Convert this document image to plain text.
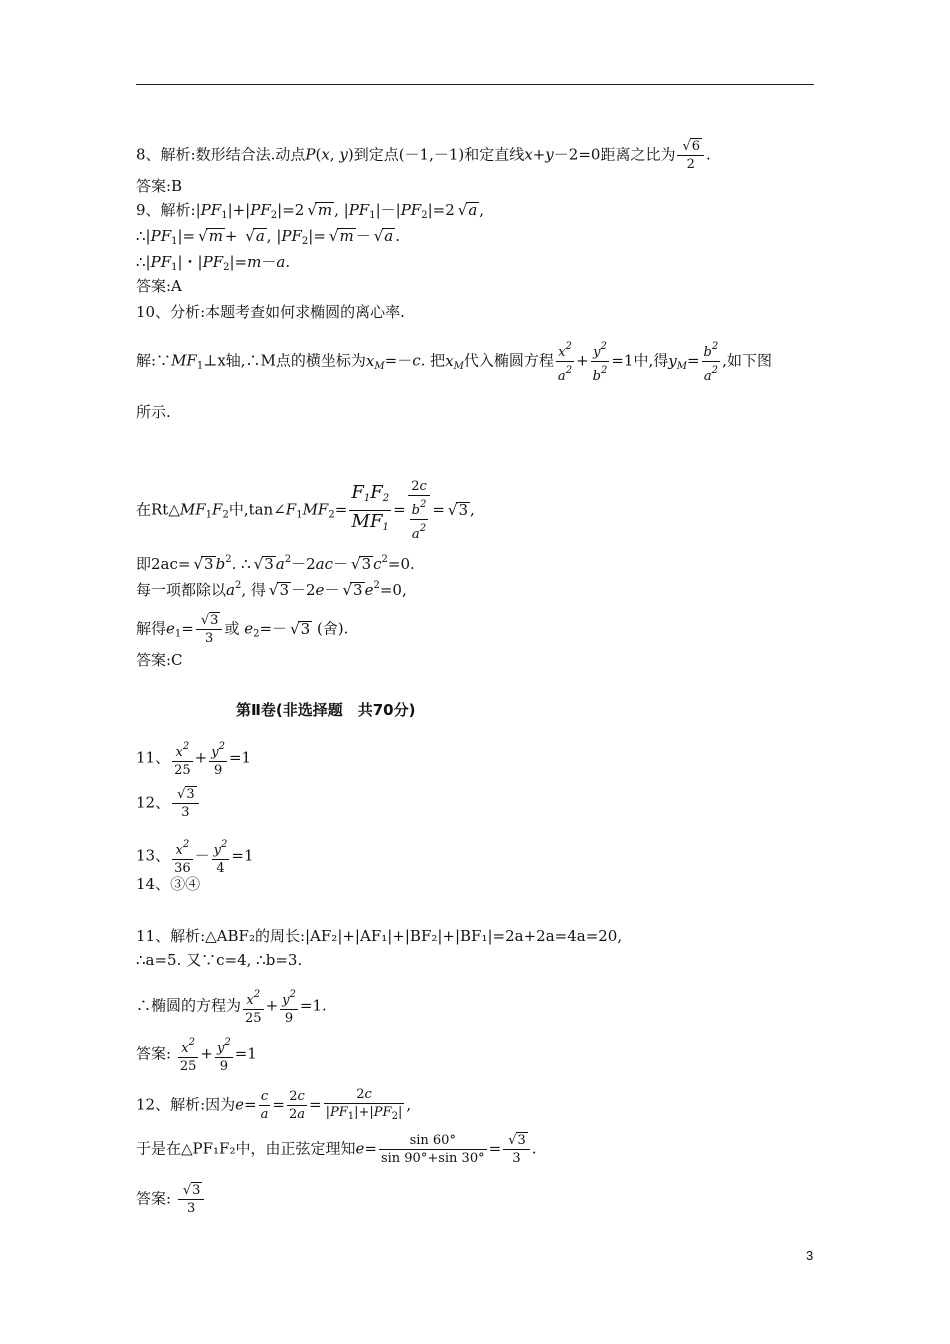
8、解析:数形结合法.动点P(x, y)到定点(－1,－1)和定直线x+y－2=0距离之比为
√ $\frac{6}{2}$ .
答案:B
9、解析$:|PF_1|+|PF_2|=2√$ m , $|PF_1|-|PF_2|=2√$ a ,
$\therefore|PF_1|=√$ m + √ a , $|PF_2|=√$ m －√ a .
$\therefore|PF_1|$・$|PF_2|=m-a$.
答案:A
10、分析:本题考查如何求椭圆的离心率.
解$:\because MF_1\perp x$轴,∴M点的横坐标为$x_M=-c$. 把$x_M$代入椭圆方程 $\frac{x^2}{a^2} + \frac{y^2}{b^2} =1$中,得$y_M= \frac{b^2}{a^2}$ ,如下图
所示.
在$Rt\triangle MF_1F_2$中$,\tan\angle F_1MF_2= \frac{F_1F_2}{MF_1} = \frac{2c}{\frac{b^2}{a^2}}$ =√ 3 ,
即2ac=√ 3 $b^2$. ∴√ 3 $a^2-2ac-√$ 3 $c^2=0$.
每一项都除以$a^2$, 得√ 3 －2e－√ 3 $e^2=0$,
解得$e_1=$
√ $\frac{3}{3}$ 或 $e_2=-√$ 3 (舍).
答案:C
第Ⅱ卷(非选择题　共70分)
11、 $\frac{x^2}{25} + \frac{y^2}{9} =1$
12、
√ $\frac{3}{3}$
13、 $\frac{x^2}{36} - \frac{y^2}{4} =1$
14、③④
11、解析:△ABF₂的周长:|AF₂|+|AF₁|+|BF₂|+|BF₁|=2a+2a=4a=20,
∴a=5. 又∵c=4, ∴b=3.
∴椭圆的方程为 $\frac{x^2}{25} + \frac{y^2}{9} =1$.
答案: $\frac{x^2}{25} + \frac{y^2}{9} =1$
12、解析:因为$e= \frac{c}{a} = \frac{2c}{2a} = \frac{2c}{|PF_1|+|PF_2|}$ ,
于是在△PF₁F₂中，由正弦定理知$e= \frac{\sin 60^\circ}{\sin 90^\circ+\sin 30^\circ}$ =
√ $\frac{3}{3}$ .
答案:
√ $\frac{3}{3}$
3
